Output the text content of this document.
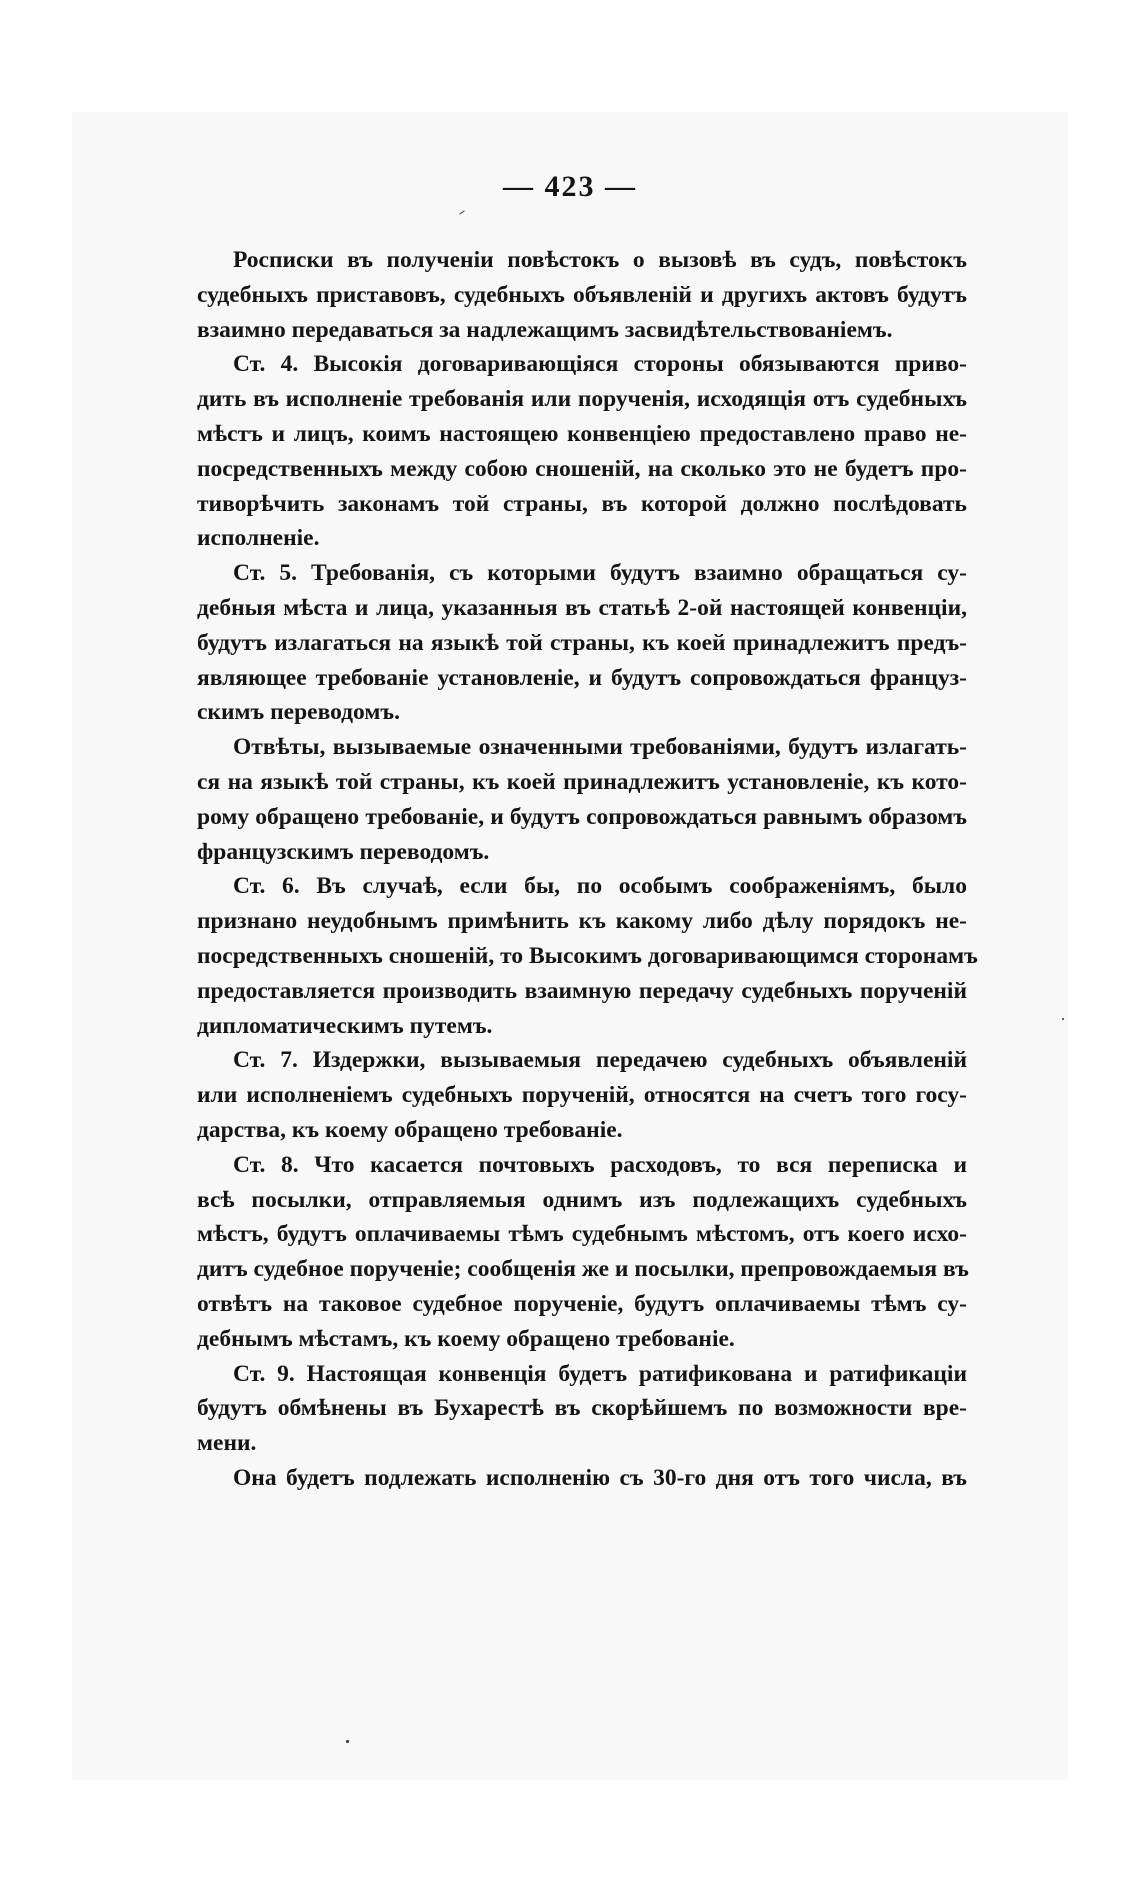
— 423 —
Росписки въ полученіи повѣстокъ о вызовѣ въ судъ, повѣстокъ
судебныхъ приставовъ, судебныхъ объявленій и другихъ актовъ будутъ
взаимно передаваться за надлежащимъ засвидѣтельствованіемъ.
Ст. 4. Высокія договаривающіяся стороны обязываются приво-
дить въ исполненіе требованія или порученія, исходящія отъ судебныхъ
мѣстъ и лицъ, коимъ настоящею конвенціею предоставлено право не-
посредственныхъ между собою сношеній, на сколько это не будетъ про-
тиворѣчить законамъ той страны, въ которой должно послѣдовать
исполненіе.
Ст. 5. Требованія, съ которыми будутъ взаимно обращаться су-
дебныя мѣста и лица, указанныя въ статьѣ 2-ой настоящей конвенціи,
будутъ излагаться на языкѣ той страны, къ коей принадлежитъ предъ-
являющее требованіе установленіе, и будутъ сопровождаться француз-
скимъ переводомъ.
Отвѣты, вызываемые означенными требованіями, будутъ излагать-
ся на языкѣ той страны, къ коей принадлежитъ установленіе, къ кото-
рому обращено требованіе, и будутъ сопровождаться равнымъ образомъ
французскимъ переводомъ.
Ст. 6. Въ случаѣ, если бы, по особымъ соображеніямъ, было
признано неудобнымъ примѣнить къ какому либо дѣлу порядокъ не-
посредственныхъ сношеній, то Высокимъ договаривающимся сторонамъ
предоставляется производить взаимную передачу судебныхъ порученій
дипломатическимъ путемъ.
Ст. 7. Издержки, вызываемыя передачею судебныхъ объявленій
или исполненіемъ судебныхъ порученій, относятся на счетъ того госу-
дарства, къ коему обращено требованіе.
Ст. 8. Что касается почтовыхъ расходовъ, то вся переписка и
всѣ посылки, отправляемыя однимъ изъ подлежащихъ судебныхъ
мѣстъ, будутъ оплачиваемы тѣмъ судебнымъ мѣстомъ, отъ коего исхо-
дитъ судебное порученіе; сообщенія же и посылки, препровождаемыя въ
отвѣтъ на таковое судебное порученіе, будутъ оплачиваемы тѣмъ су-
дебнымъ мѣстамъ, къ коему обращено требованіе.
Ст. 9. Настоящая конвенція будетъ ратификована и ратификаціи
будутъ обмѣнены въ Бухарестѣ въ скорѣйшемъ по возможности вре-
мени.
Она будетъ подлежать исполненію съ 30-го дня отъ того числа, въ
